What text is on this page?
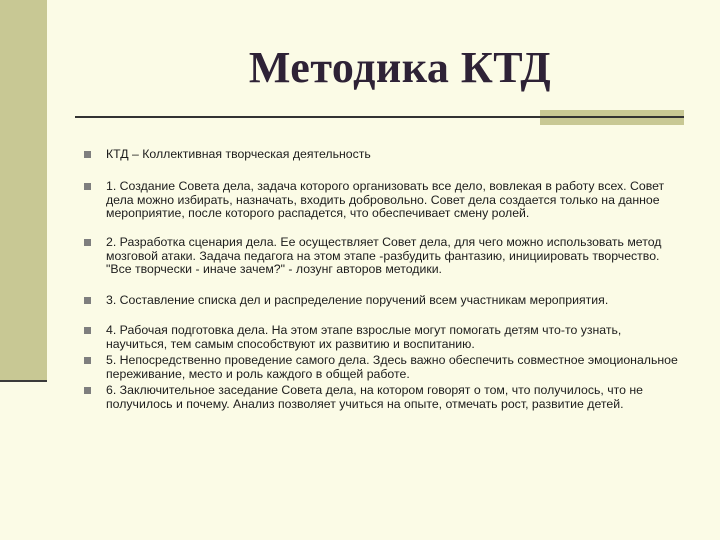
Методика КТД
КТД – Коллективная творческая деятельность
1. Создание Совета дела, задача которого организовать все дело, вовлекая в работу всех. Совет дела можно избирать, назначать, входить добровольно. Совет дела создается только на данное мероприятие, после которого распадется, что обеспечивает смену ролей.
2. Разработка сценария дела. Ее осуществляет Совет дела, для чего можно использовать метод мозговой атаки. Задача педагога на этом этапе -разбудить фантазию, инициировать творчество. "Все творчески - иначе зачем?" - лозунг авторов методики.
3. Составление списка дел и распределение поручений всем участникам мероприятия.
4. Рабочая подготовка дела. На этом этапе взрослые могут помогать детям что-то узнать, научиться, тем самым способствуют их развитию и воспитанию.
5. Непосредственно проведение самого дела. Здесь важно обеспечить совместное эмоциональное переживание, место и роль каждого в общей работе.
6. Заключительное заседание Совета дела, на котором говорят о том, что получилось, что не получилось и почему. Анализ позволяет учиться на опыте, отмечать рост, развитие детей.
